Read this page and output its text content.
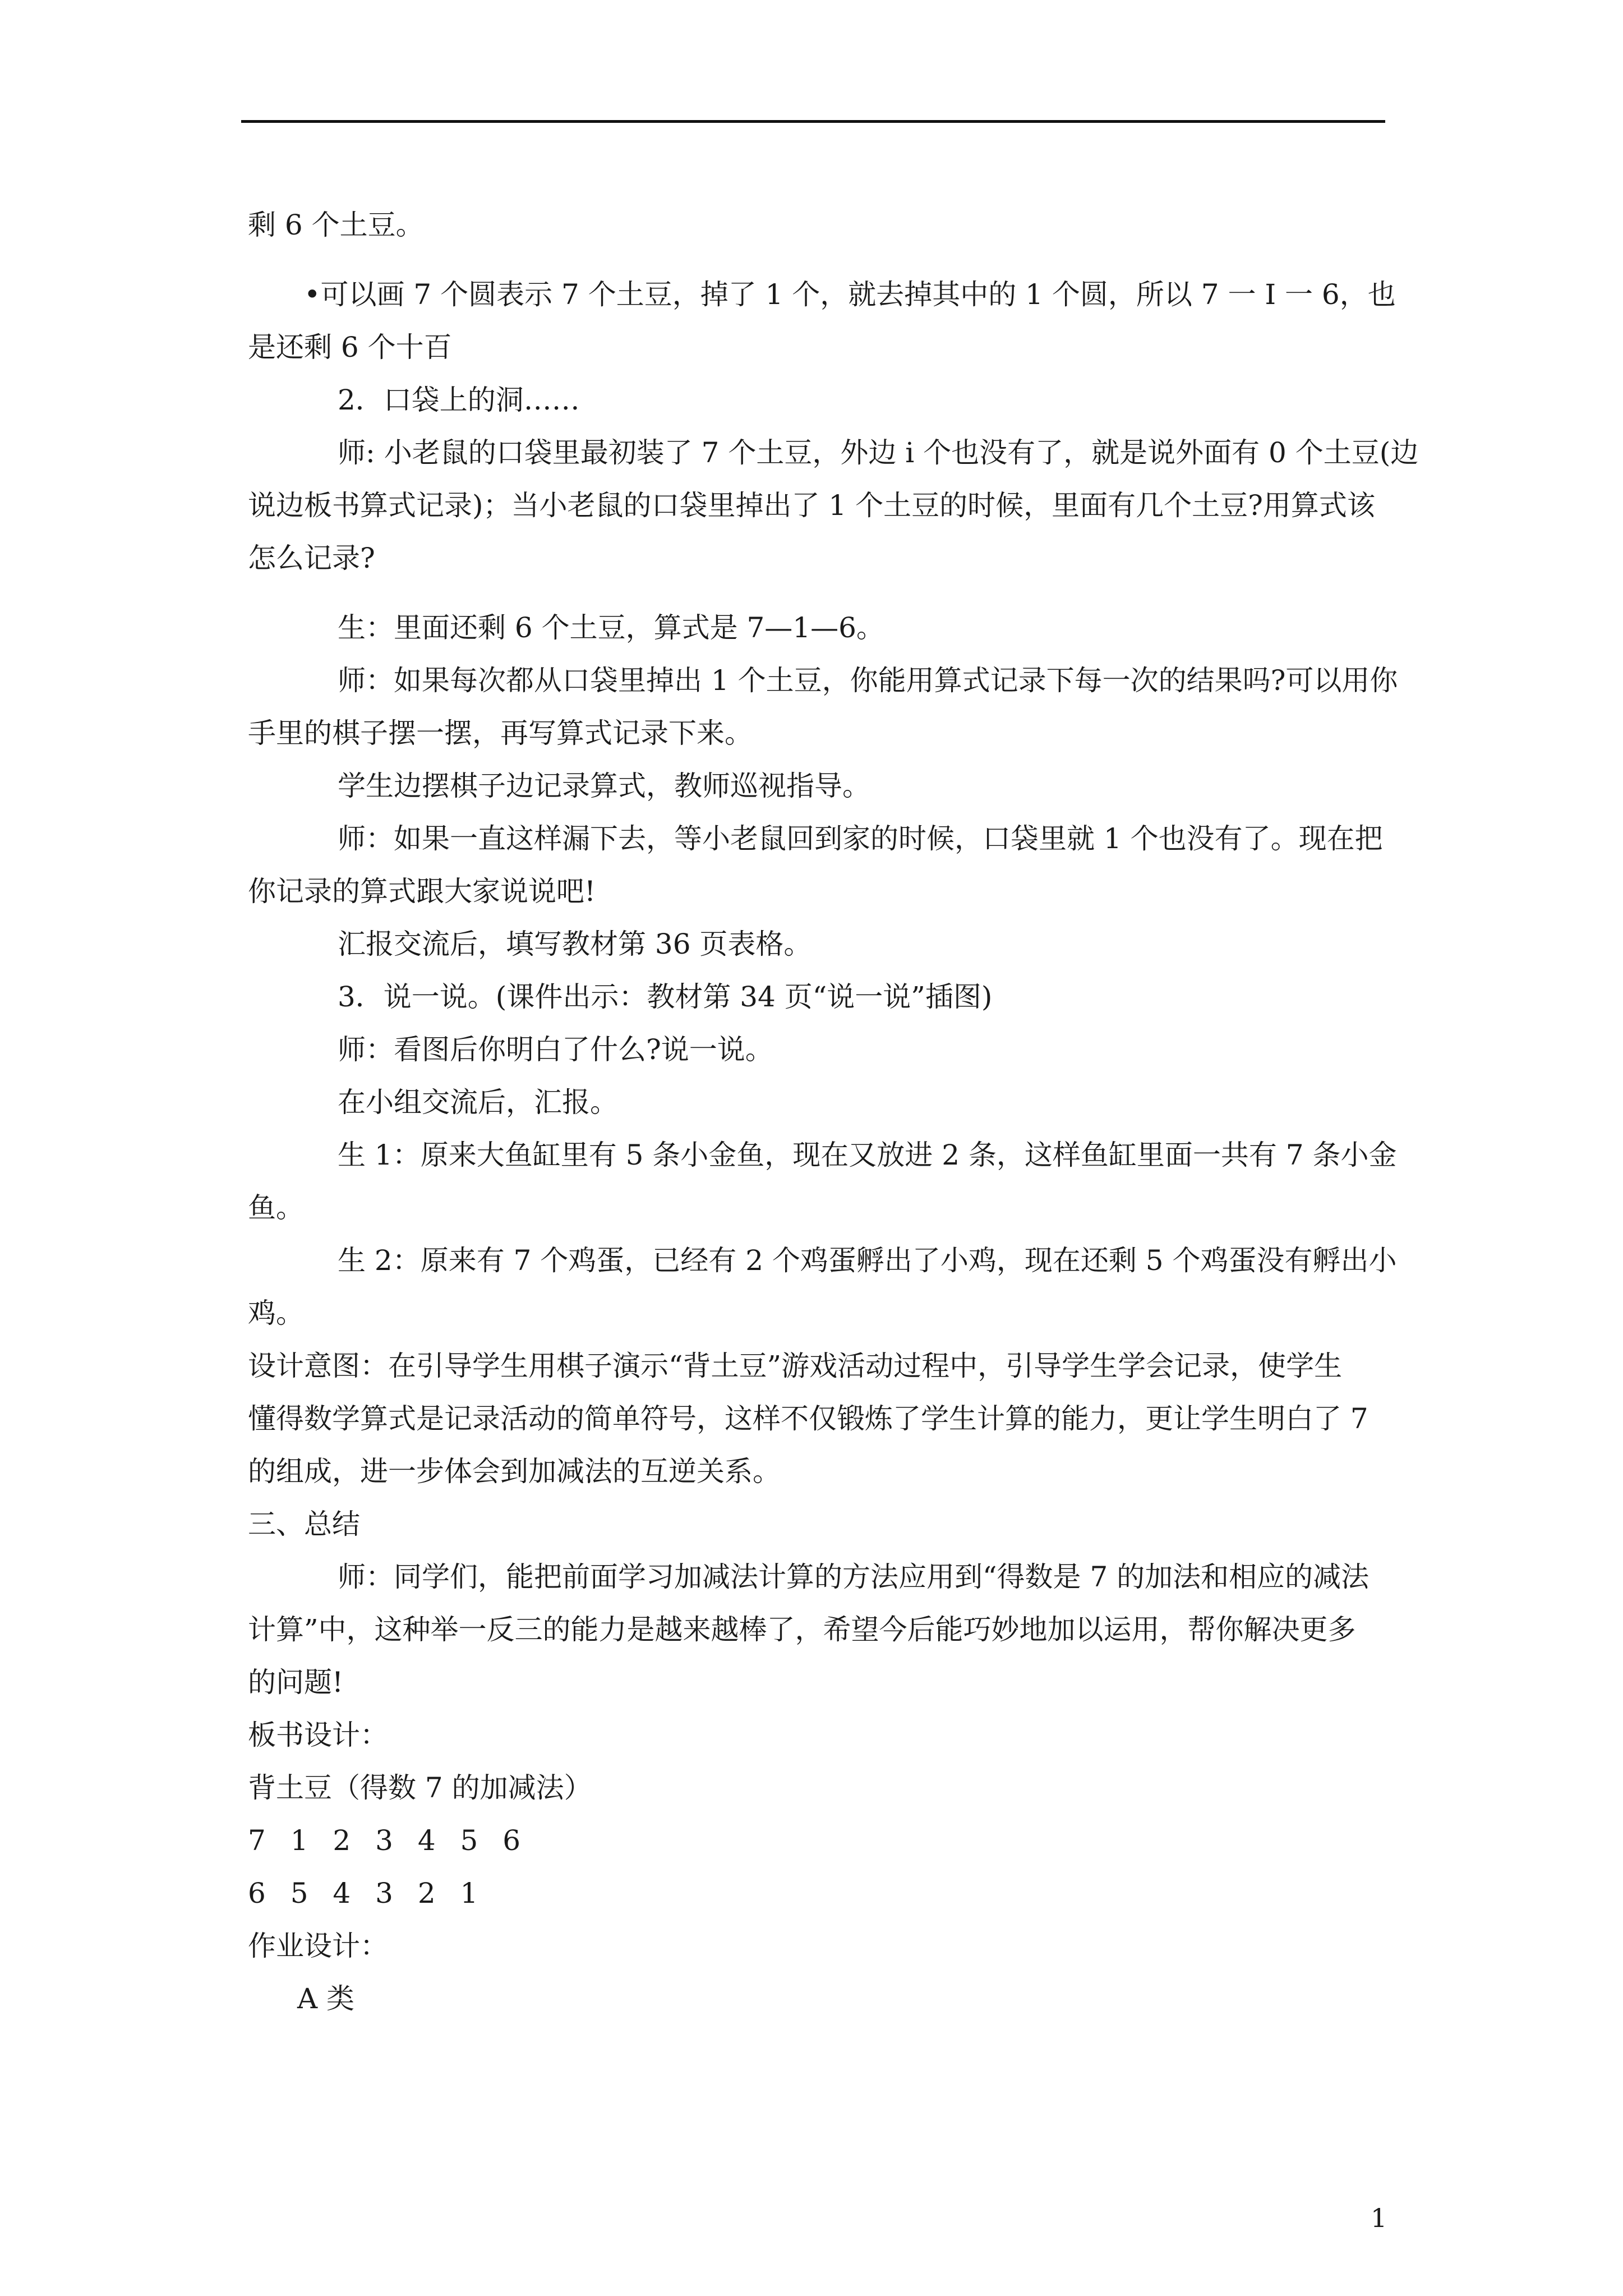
剩 6 个土豆。
•可以画 7 个圆表示 7 个土豆，掉了 1 个，就去掉其中的 1 个圆，所以 7 一 I 一 6，也
是还剩 6 个十百
2．口袋上的洞……
师: 小老鼠的口袋里最初装了 7 个土豆，外边 i 个也没有了，就是说外面有 0 个土豆(边
说边板书算式记录)；当小老鼠的口袋里掉出了 1 个土豆的时候，里面有几个土豆?用算式该
怎么记录?
生：里面还剩 6 个土豆，算式是 7—1—6。
师：如果每次都从口袋里掉出 1 个土豆，你能用算式记录下每一次的结果吗?可以用你
手里的棋子摆一摆，再写算式记录下来。
学生边摆棋子边记录算式，教师巡视指导。
师：如果一直这样漏下去，等小老鼠回到家的时候，口袋里就 1 个也没有了。现在把
你记录的算式跟大家说说吧!
汇报交流后，填写教材第 36 页表格。
3．说一说。(课件出示：教材第 34 页“说一说”插图)
师：看图后你明白了什么?说一说。
在小组交流后，汇报。
生 1：原来大鱼缸里有 5 条小金鱼，现在又放进 2 条，这样鱼缸里面一共有 7 条小金
鱼。
生 2：原来有 7 个鸡蛋，已经有 2 个鸡蛋孵出了小鸡，现在还剩 5 个鸡蛋没有孵出小
鸡。
设计意图：在引导学生用棋子演示“背土豆”游戏活动过程中，引导学生学会记录，使学生
懂得数学算式是记录活动的简单符号，这样不仅锻炼了学生计算的能力，更让学生明白了 7
的组成，进一步体会到加减法的互逆关系。
三、总结
师：同学们，能把前面学习加减法计算的方法应用到“得数是 7 的加法和相应的减法
计算”中，这种举一反三的能力是越来越棒了，希望今后能巧妙地加以运用，帮你解决更多
的问题!
板书设计：
背土豆（得数 7 的加减法）
7 1 2 3 4 5 6
6 5 4 3 2 1
作业设计：
A 类
1
